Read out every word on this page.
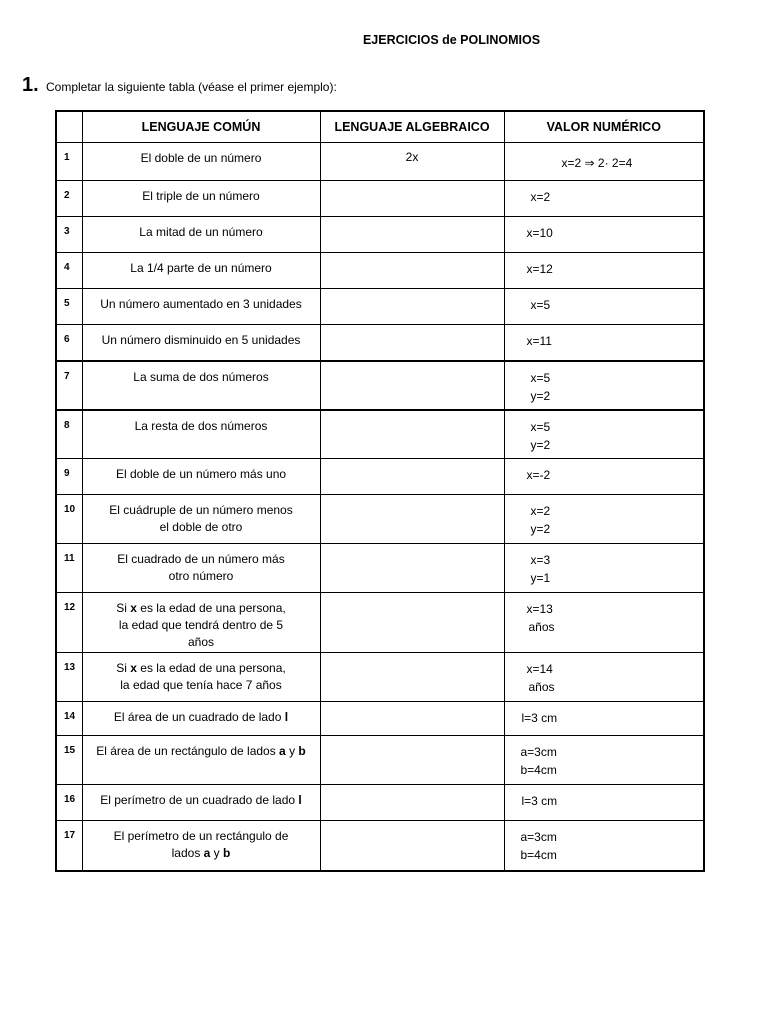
EJERCICIOS de POLINOMIOS
1. Completar la siguiente tabla (véase el primer ejemplo):
	LENGUAJE COMÚN	LENGUAJE ALGEBRAICO	VALOR NUMÉRICO
1	El doble de un número	2x	x=2 ⇒ 2· 2=4

2	El triple de un número		x=2

3	La mitad de un número		x=10

4	La 1/4 parte de un número		x=12

5	Un número aumentado en 3 unidades		x=5

6	Un número disminuido en 5 unidades		x=11

7	La suma de dos números		x=5
y=2

8	La resta de dos números		x=5
y=2

9	El doble de un número más uno		x=-2

10	El cuádruple de un número menos
el doble de otro		x=2
y=2

11	El cuadrado de un número más
otro número		x=3
y=1

12	Si x es la edad de una persona,
la edad que tendrá dentro de 5
años		x=13
años

13	Si x es la edad de una persona,
la edad que tenía hace 7 años		x=14
años

14	El área de un cuadrado de lado l		l=3 cm

15	El área de un rectángulo de lados a y b		a=3cm
b=4cm

16	El perímetro de un cuadrado de lado l		l=3 cm

17	El perímetro de un rectángulo de
lados a y b		a=3cm
b=4cm
